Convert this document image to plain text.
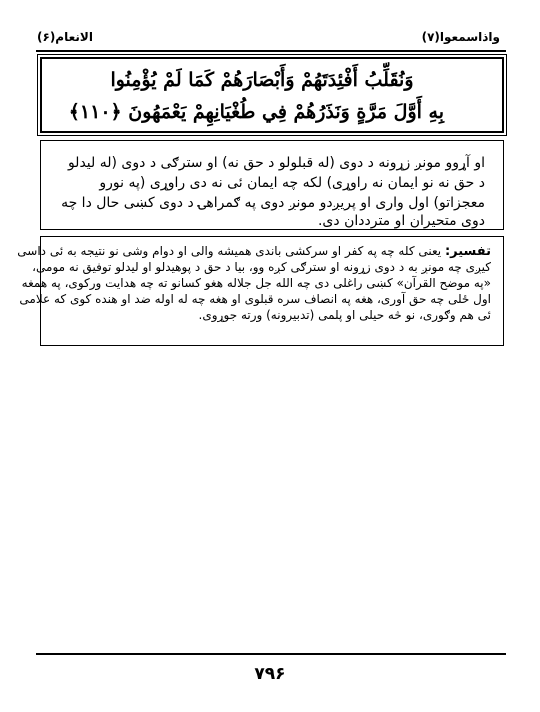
واذاسمعوا(۷)
الانعام(۶)
وَنُقَلِّبُ أَفْئِدَتَهُمْ وَأَبْصَارَهُمْ كَمَا لَمْ يُؤْمِنُوا
بِهِ أَوَّلَ مَرَّةٍ وَنَذَرُهُمْ فِي طُغْيَانِهِمْ يَعْمَهُونَ ﴿۱۱۰﴾
او آړوو مونږ زړونه د دوی (له قبلولو د حق نه) او سترګی د دوی (له لیدلو
د حق نه نو ایمان نه راوړی) لکه چه ایمان ئی نه دی راوړی (په نورو
معجزاتو) اول واری او پریږدو مونږ دوی په ګمراهۍ د دوی کښی حال دا چه
دوی متحیران او مترددان دی.
تفسیر: یعنی کله چه په کفر او سرکشی باندی همیشه والی او دوام وشی نو نتیجه به ئی داسی
کیږی چه مونږ به د دوی زړونه او سترګی کږه وو، بیا د حق د پوهیدلو او لیدلو توفیق نه مومی،
«په موضح القرآن» کښی راغلی دی چه الله جل جلاله هغو کسانو ته چه هدایت ورکوی، په همغه
اول ځلی چه حق آوری، هغه په انصاف سره قبلوی او هغه چه له اوله ضد او هنده کوی که علامی
ئی هم وګوری، نو څه حیلی او پلمی (تدبیرونه) ورته جوړوی.
۷۹۶
